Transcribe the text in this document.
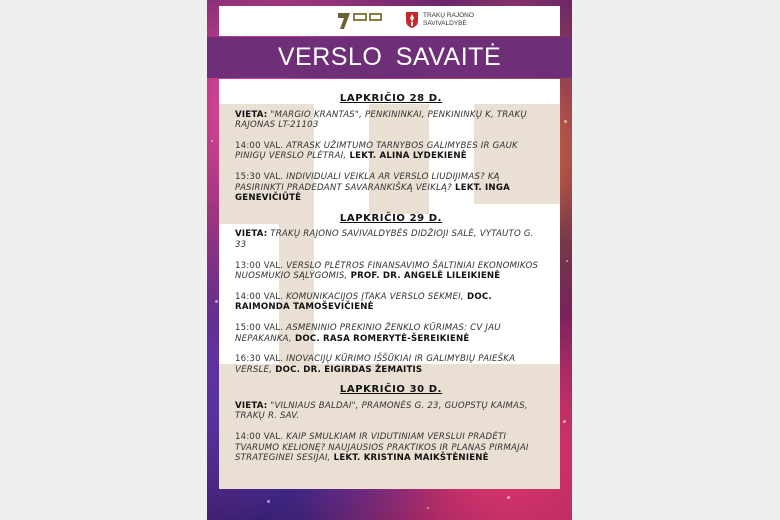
TRAKŲ RAJONO
SAVIVALDYBĖ
VERSLO SAVAITĖ
LAPKRIČIO 28 D.
VIETA: "MARGIO KRANTAS", PENKININKAI, PENKININKŲ K, TRAKŲ RAJONAS LT-21103
14:00 VAL. ATRASK UŽIMTUMO TARNYBOS GALIMYBES IR GAUK PINIGŲ VERSLO PLĖTRAI, LEKT. ALINA LYDEKIENĖ
15:30 VAL. INDIVIDUALI VEIKLA AR VERSLO LIUDIJIMAS? KĄ PASIRINKTI PRADEDANT SAVARANKIŠKĄ VEIKLĄ? LEKT. INGA GENEVIČIŪTĖ
LAPKRIČIO 29 D.
VIETA: TRAKŲ RAJONO SAVIVALDYBĖS DIDŽIOJI SALĖ, VYTAUTO G. 33
13:00 VAL. VERSLO PLĖTROS FINANSAVIMO ŠALTINIAI EKONOMIKOS NUOSMUKIO SĄLYGOMIS, PROF. DR. ANGELĖ LILEIKIENĖ
14:00 VAL. KOMUNIKACIJOS ĮTAKA VERSLO SEKMEI, DOC. RAIMONDA TAMOŠEVIČIENĖ
15:00 VAL. ASMENINIO PREKINIO ŽENKLO KŪRIMAS: CV JAU NEPAKANKA, DOC. RASA ROMERYTĖ-ŠEREIKIENĖ
16:30 VAL. INOVACIJŲ KŪRIMO IŠŠŪKIAI IR GALIMYBIŲ PAIEŠKA VERSLE, DOC. DR. EIGIRDAS ŽEMAITIS
LAPKRIČIO 30 D.
VIETA: "VILNIAUS BALDAI", PRAMONĖS G. 23, GUOPSTŲ KAIMAS, TRAKŲ R. SAV.
14:00 VAL. KAIP SMULKIAM IR VIDUTINIAM VERSLUI PRADĖTI TVARUMO KELIONĘ? NAUJAUSIOS PRAKTIKOS IR PLANAS PIRMAJAI STRATEGINEI SESIJAI, LEKT. KRISTINA MAIKŠTĖNIENĖ
